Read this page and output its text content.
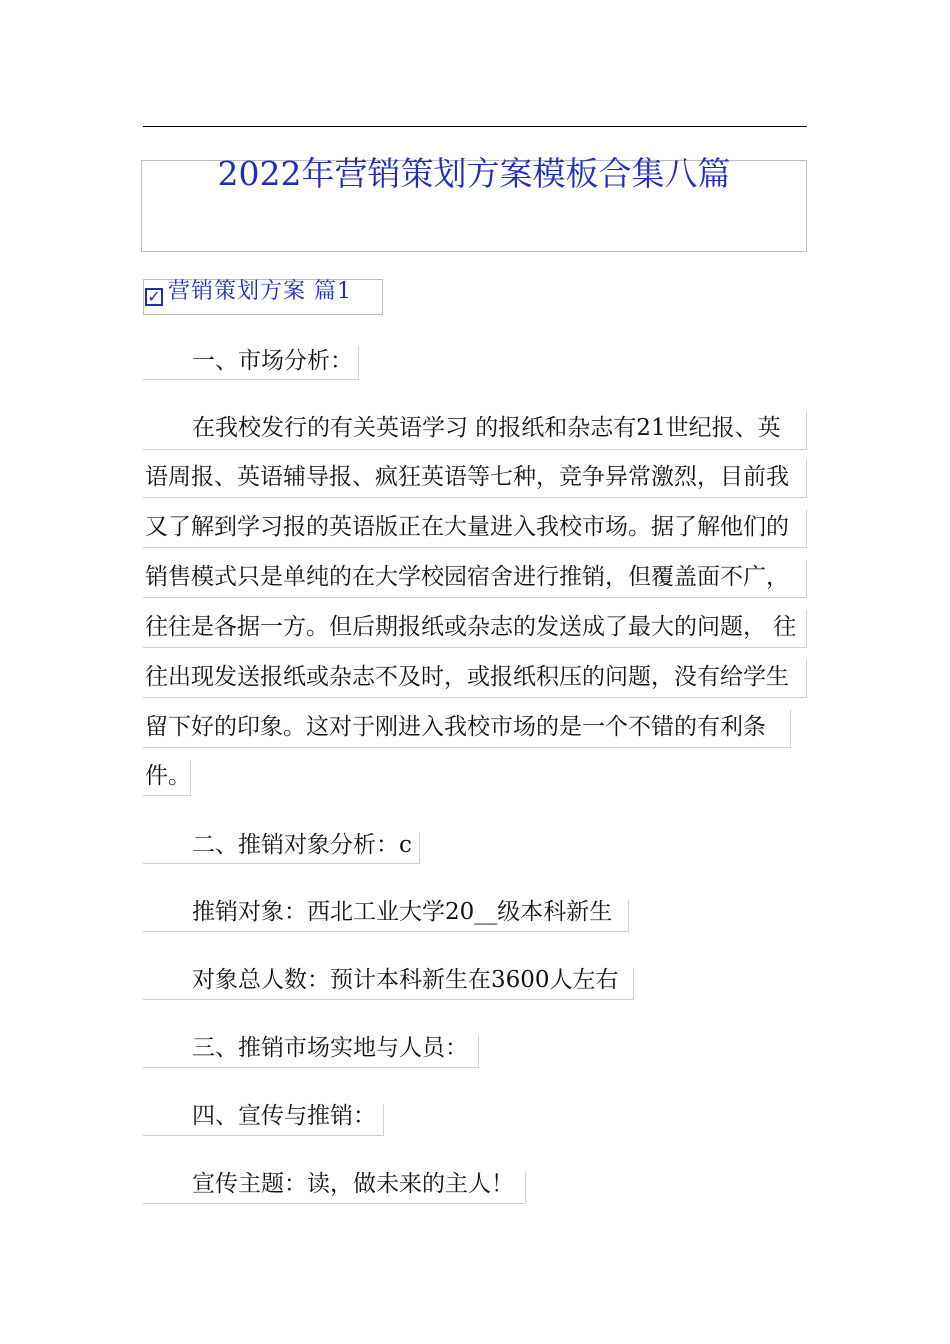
2022年营销策划方案模板合集八篇
✓ 营销策划方案 篇1
一、市场分析：
在我校发行的有关英语学习 的报纸和杂志有21世纪报、英
语周报、英语辅导报、疯狂英语等七种，竞争异常激烈，目前我
又了解到学习报的英语版正在大量进入我校市场。据了解他们的
销售模式只是单纯的在大学校园宿舍进行推销，但覆盖面不广，
往往是各据一方。但后期报纸或杂志的发送成了最大的问题， 往
往出现发送报纸或杂志不及时，或报纸积压的问题，没有给学生
留下好的印象。这对于刚进入我校市场的是一个不错的有利条
件。
二、推销对象分析：c
推销对象：西北工业大学20__级本科新生
对象总人数：预计本科新生在3600人左右
三、推销市场实地与人员：
四、宣传与推销：
宣传主题：读，做未来的主人！
